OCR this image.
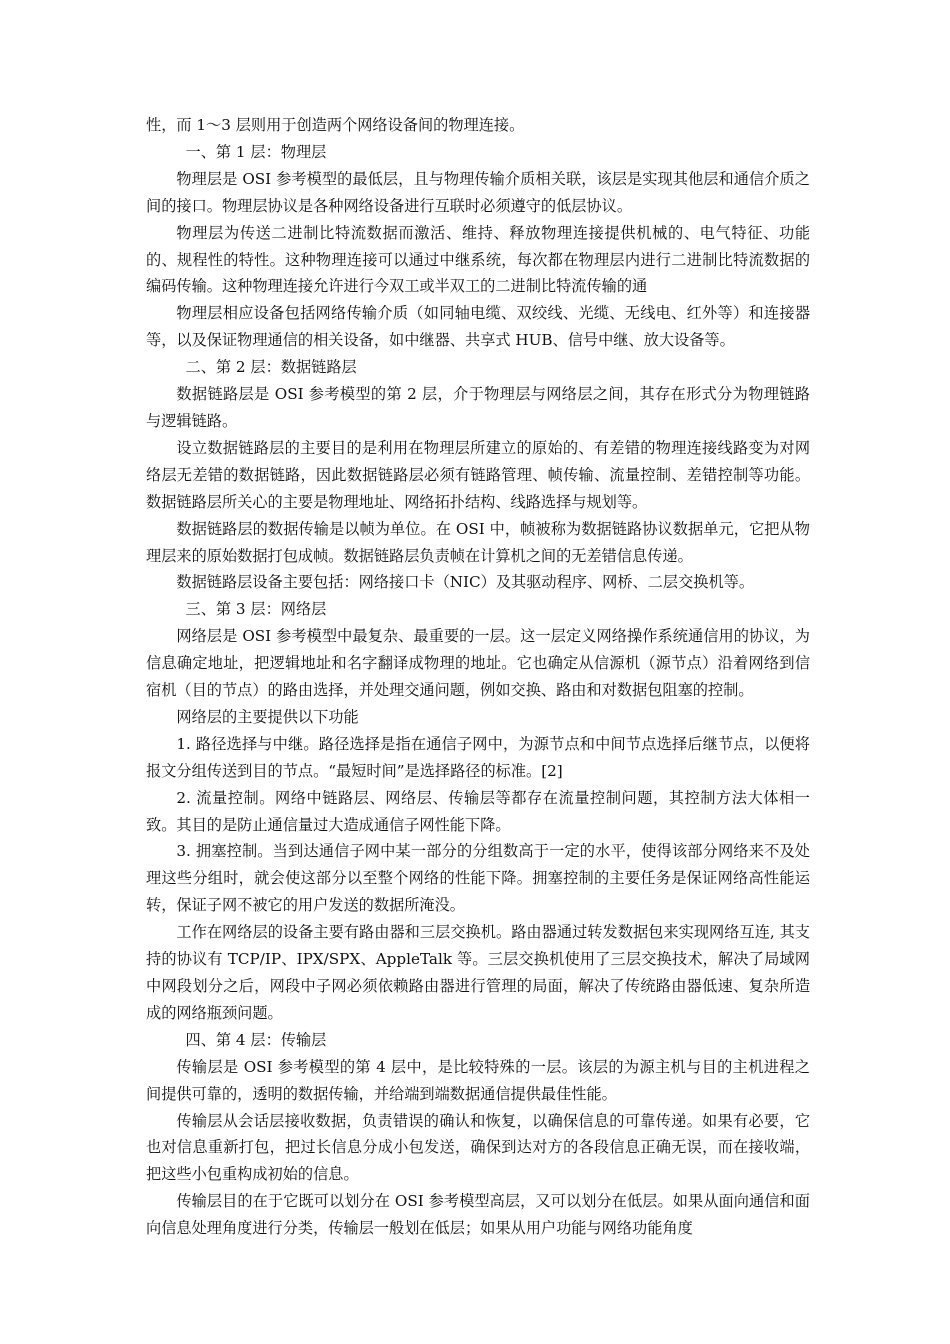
性，而 1～3 层则用于创造两个网络设备间的物理连接。

一、第 1 层：物理层

物理层是 OSI 参考模型的最低层，且与物理传输介质相关联，该层是实现其他层和通信介质之间的接口。物理层协议是各种网络设备进行互联时必须遵守的低层协议。

物理层为传送二进制比特流数据而激活、维持、释放物理连接提供机械的、电气特征、功能的、规程性的特性。这种物理连接可以通过中继系统，每次都在物理层内进行二进制比特流数据的编码传输。这种物理连接允许进行今双工或半双工的二进制比特流传输的通

物理层相应设备包括网络传输介质（如同轴电缆、双绞线、光缆、无线电、红外等）和连接器等，以及保证物理通信的相关设备，如中继器、共享式 HUB、信号中继、放大设备等。

二、第 2 层：数据链路层

数据链路层是 OSI 参考模型的第 2 层，介于物理层与网络层之间，其存在形式分为物理链路与逻辑链路。

设立数据链路层的主要目的是利用在物理层所建立的原始的、有差错的物理连接线路变为对网络层无差错的数据链路，因此数据链路层必须有链路管理、帧传输、流量控制、差错控制等功能。数据链路层所关心的主要是物理地址、网络拓扑结构、线路选择与规划等。

数据链路层的数据传输是以帧为单位。在 OSI 中，帧被称为数据链路协议数据单元，它把从物理层来的原始数据打包成帧。数据链路层负责帧在计算机之间的无差错信息传递。

数据链路层设备主要包括：网络接口卡（NIC）及其驱动程序、网桥、二层交换机等。

三、第 3 层：网络层

网络层是 OSI 参考模型中最复杂、最重要的一层。这一层定义网络操作系统通信用的协议，为信息确定地址，把逻辑地址和名字翻译成物理的地址。它也确定从信源机（源节点）沿着网络到信宿机（目的节点）的路由选择，并处理交通问题，例如交换、路由和对数据包阻塞的控制。

网络层的主要提供以下功能

1. 路径选择与中继。路径选择是指在通信子网中，为源节点和中间节点选择后继节点，以便将报文分组传送到目的节点。“最短时间”是选择路径的标准。[2]

2. 流量控制。网络中链路层、网络层、传输层等都存在流量控制问题，其控制方法大体相一致。其目的是防止通信量过大造成通信子网性能下降。

3. 拥塞控制。当到达通信子网中某一部分的分组数高于一定的水平，使得该部分网络来不及处理这些分组时，就会使这部分以至整个网络的性能下降。拥塞控制的主要任务是保证网络高性能运转，保证子网不被它的用户发送的数据所淹没。

工作在网络层的设备主要有路由器和三层交换机。路由器通过转发数据包来实现网络互连, 其支持的协议有 TCP/IP、IPX/SPX、AppleTalk 等。三层交换机使用了三层交换技术，解决了局域网中网段划分之后，网段中子网必须依赖路由器进行管理的局面，解决了传统路由器低速、复杂所造成的网络瓶颈问题。

四、第 4 层：传输层

传输层是 OSI 参考模型的第 4 层中，是比较特殊的一层。该层的为源主机与目的主机进程之间提供可靠的，透明的数据传输，并给端到端数据通信提供最佳性能。

传输层从会话层接收数据，负责错误的确认和恢复，以确保信息的可靠传递。如果有必要，它也对信息重新打包，把过长信息分成小包发送，确保到达对方的各段信息正确无误，而在接收端，把这些小包重构成初始的信息。

传输层目的在于它既可以划分在 OSI 参考模型高层，又可以划分在低层。如果从面向通信和面向信息处理角度进行分类，传输层一般划在低层；如果从用户功能与网络功能角度
